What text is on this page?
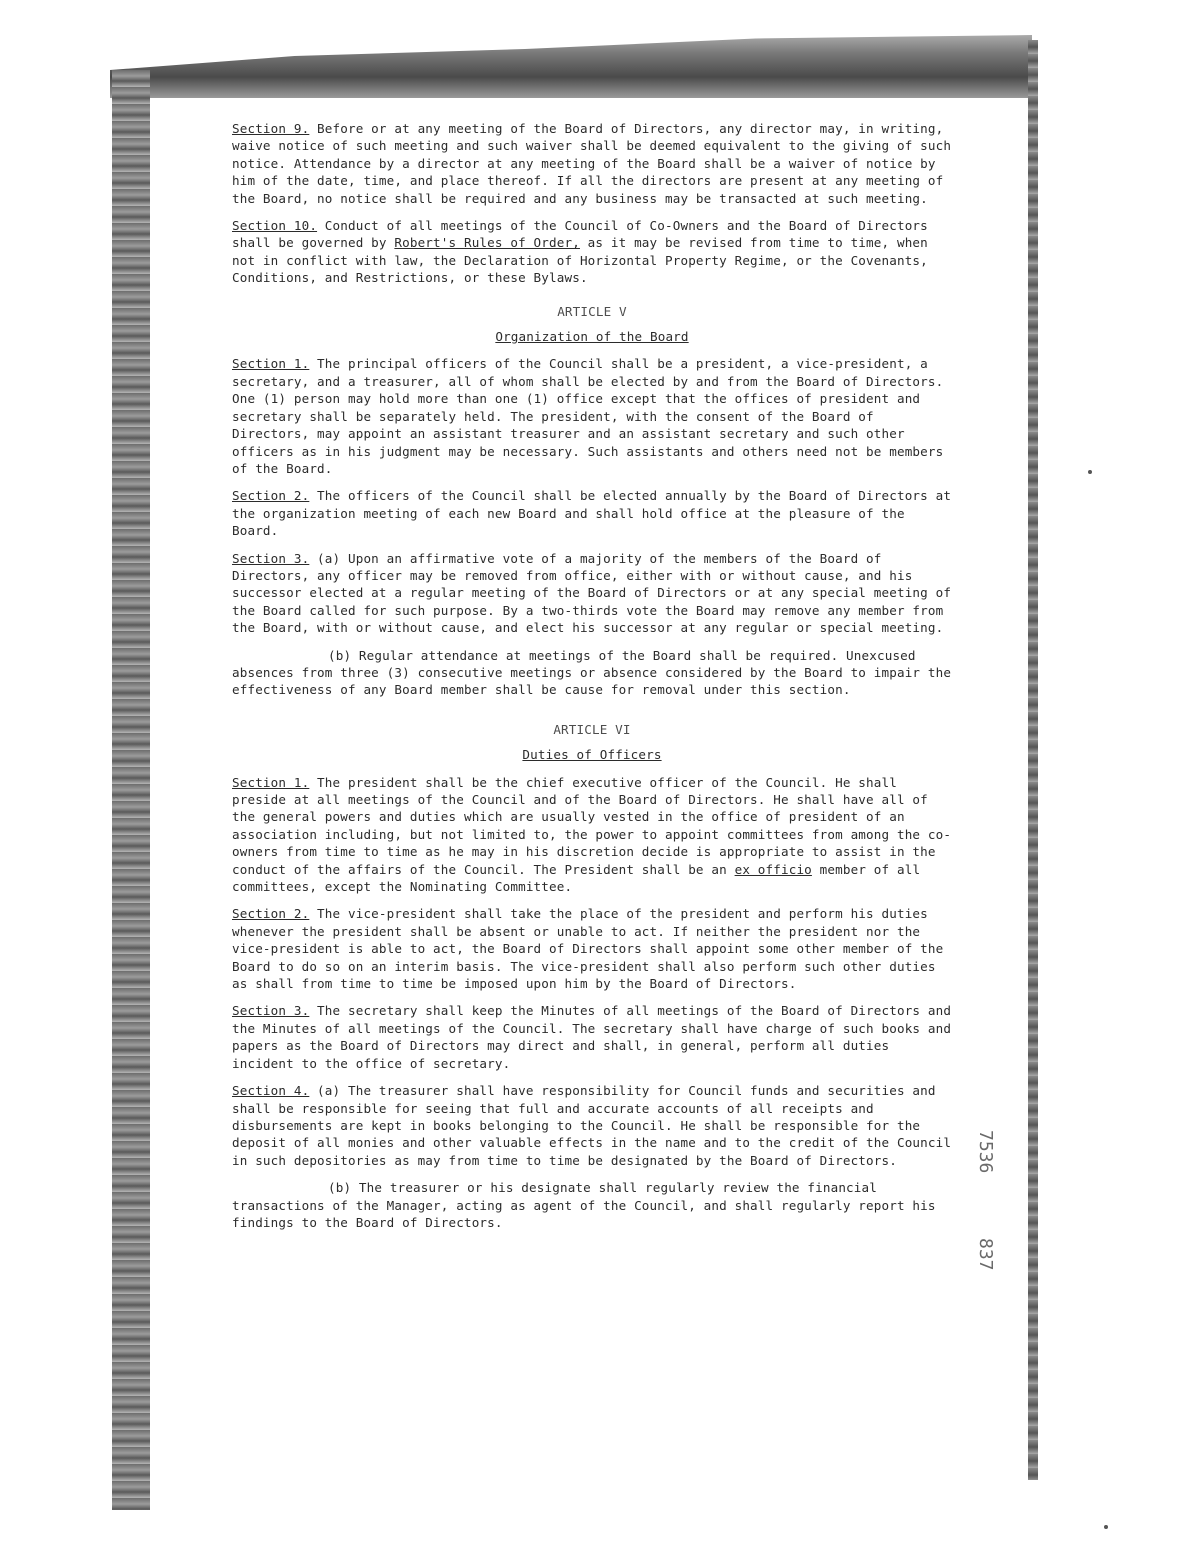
Section 9. Before or at any meeting of the Board of Directors, any director may, in writing, waive notice of such meeting and such waiver shall be deemed equivalent to the giving of such notice. Attendance by a director at any meeting of the Board shall be a waiver of notice by him of the date, time, and place thereof. If all the directors are present at any meeting of the Board, no notice shall be required and any business may be transacted at such meeting.

Section 10. Conduct of all meetings of the Council of Co-Owners and the Board of Directors shall be governed by Robert's Rules of Order, as it may be revised from time to time, when not in conflict with law, the Declaration of Horizontal Property Regime, or the Covenants, Conditions, and Restrictions, or these Bylaws.

ARTICLE V
Organization of the Board

Section 1. The principal officers of the Council shall be a president, a vice-president, a secretary, and a treasurer, all of whom shall be elected by and from the Board of Directors. One (1) person may hold more than one (1) office except that the offices of president and secretary shall be separately held. The president, with the consent of the Board of Directors, may appoint an assistant treasurer and an assistant secretary and such other officers as in his judgment may be necessary. Such assistants and others need not be members of the Board.

Section 2. The officers of the Council shall be elected annually by the Board of Directors at the organization meeting of each new Board and shall hold office at the pleasure of the Board.

Section 3. (a) Upon an affirmative vote of a majority of the members of the Board of Directors, any officer may be removed from office, either with or without cause, and his successor elected at a regular meeting of the Board of Directors or at any special meeting of the Board called for such purpose. By a two-thirds vote the Board may remove any member from the Board, with or without cause, and elect his successor at any regular or special meeting.

(b) Regular attendance at meetings of the Board shall be required. Unexcused absences from three (3) consecutive meetings or absence considered by the Board to impair the effectiveness of any Board member shall be cause for removal under this section.

ARTICLE VI
Duties of Officers

Section 1. The president shall be the chief executive officer of the Council. He shall preside at all meetings of the Council and of the Board of Directors. He shall have all of the general powers and duties which are usually vested in the office of president of an association including, but not limited to, the power to appoint committees from among the co-owners from time to time as he may in his discretion decide is appropriate to assist in the conduct of the affairs of the Council. The President shall be an ex officio member of all committees, except the Nominating Committee.

Section 2. The vice-president shall take the place of the president and perform his duties whenever the president shall be absent or unable to act. If neither the president nor the vice-president is able to act, the Board of Directors shall appoint some other member of the Board to do so on an interim basis. The vice-president shall also perform such other duties as shall from time to time be imposed upon him by the Board of Directors.

Section 3. The secretary shall keep the Minutes of all meetings of the Board of Directors and the Minutes of all meetings of the Council. The secretary shall have charge of such books and papers as the Board of Directors may direct and shall, in general, perform all duties incident to the office of secretary.

Section 4. (a) The treasurer shall have responsibility for Council funds and securities and shall be responsible for seeing that full and accurate accounts of all receipts and disbursements are kept in books belonging to the Council. He shall be responsible for the deposit of all monies and other valuable effects in the name and to the credit of the Council in such depositories as may from time to time be designated by the Board of Directors.

(b) The treasurer or his designate shall regularly review the financial transactions of the Manager, acting as agent of the Council, and shall regularly report his findings to the Board of Directors.

7536
837
